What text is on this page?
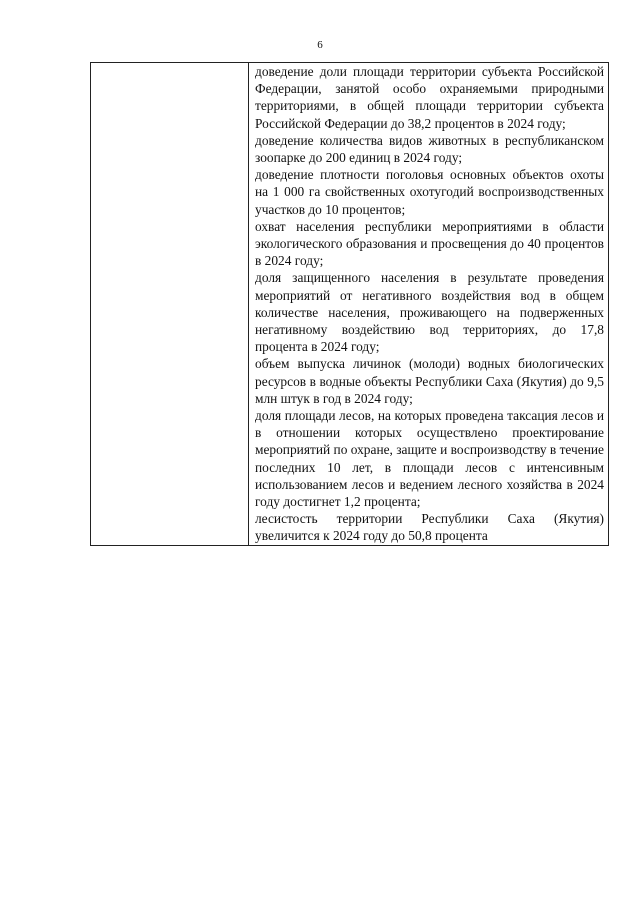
6

доведение доли площади территории субъекта Российской Федерации, занятой особо охраняемыми природными территориями, в общей площади территории субъекта Российской Федерации до 38,2 процентов в 2024 году;

доведение количества видов животных в республиканском зоопарке до 200 единиц в 2024 году;

доведение плотности поголовья основных объектов охоты на 1 000 га свойственных охотугодий воспроизводственных участков до 10 процентов;

охват населения республики мероприятиями в области экологического образования и просвещения до 40 процентов в 2024 году;

доля защищенного населения в результате проведения мероприятий от негативного воздействия вод в общем количестве населения, проживающего на подверженных негативному воздействию вод территориях, до 17,8 процента в 2024 году;

объем выпуска личинок (молоди) водных биологических ресурсов в водные объекты Республики Саха (Якутия) до 9,5 млн штук в год в 2024 году;

доля площади лесов, на которых проведена таксация лесов и в отношении которых осуществлено проектирование мероприятий по охране, защите и воспроизводству в течение последних 10 лет, в площади лесов с интенсивным использованием лесов и ведением лесного хозяйства в 2024 году достигнет 1,2 процента;

лесистость территории Республики Саха (Якутия) увеличится к 2024 году до 50,8 процента
